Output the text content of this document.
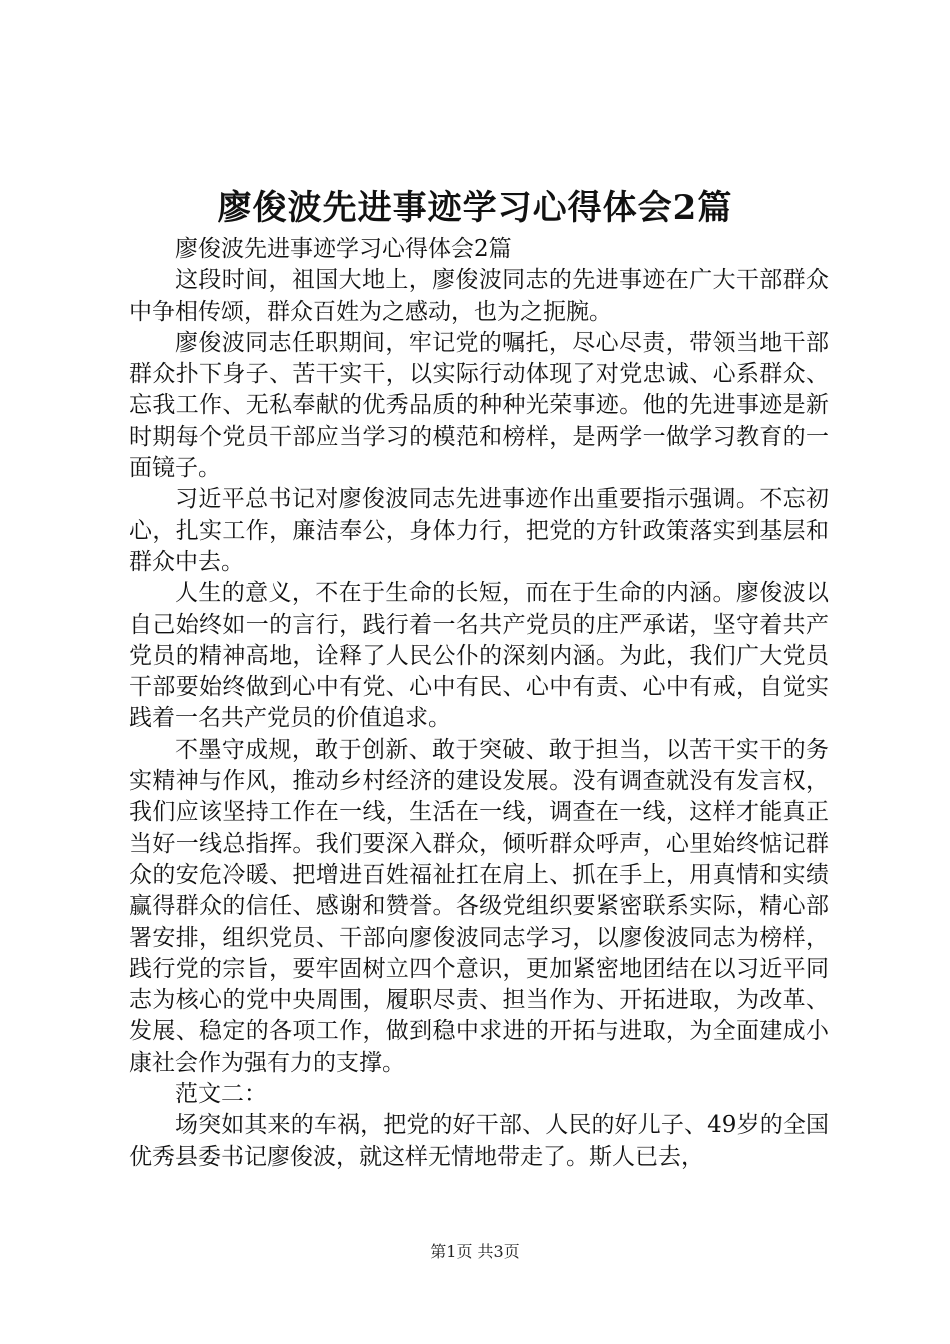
廖俊波先进事迹学习心得体会2篇

廖俊波先进事迹学习心得体会2篇

这段时间，祖国大地上，廖俊波同志的先进事迹在广大干部群众中争相传颂，群众百姓为之感动，也为之扼腕。

廖俊波同志任职期间，牢记党的嘱托，尽心尽责，带领当地干部群众扑下身子、苦干实干，以实际行动体现了对党忠诚、心系群众、忘我工作、无私奉献的优秀品质的种种光荣事迹。他的先进事迹是新时期每个党员干部应当学习的模范和榜样，是两学一做学习教育的一面镜子。

习近平总书记对廖俊波同志先进事迹作出重要指示强调。不忘初心，扎实工作，廉洁奉公，身体力行，把党的方针政策落实到基层和群众中去。

人生的意义，不在于生命的长短，而在于生命的内涵。廖俊波以自己始终如一的言行，践行着一名共产党员的庄严承诺，坚守着共产党员的精神高地，诠释了人民公仆的深刻内涵。为此，我们广大党员干部要始终做到心中有党、心中有民、心中有责、心中有戒，自觉实践着一名共产党员的价值追求。

不墨守成规，敢于创新、敢于突破、敢于担当，以苦干实干的务实精神与作风，推动乡村经济的建设发展。没有调查就没有发言权，我们应该坚持工作在一线，生活在一线，调查在一线，这样才能真正当好一线总指挥。我们要深入群众，倾听群众呼声，心里始终惦记群众的安危冷暖、把增进百姓福祉扛在肩上、抓在手上，用真情和实绩赢得群众的信任、感谢和赞誉。各级党组织要紧密联系实际，精心部署安排，组织党员、干部向廖俊波同志学习，以廖俊波同志为榜样，践行党的宗旨，要牢固树立四个意识，更加紧密地团结在以习近平同志为核心的党中央周围，履职尽责、担当作为、开拓进取，为改革、发展、稳定的各项工作，做到稳中求进的开拓与进取，为全面建成小康社会作为强有力的支撑。

范文二：

场突如其来的车祸，把党的好干部、人民的好儿子、49岁的全国优秀县委书记廖俊波，就这样无情地带走了。斯人已去，

第1页 共3页
